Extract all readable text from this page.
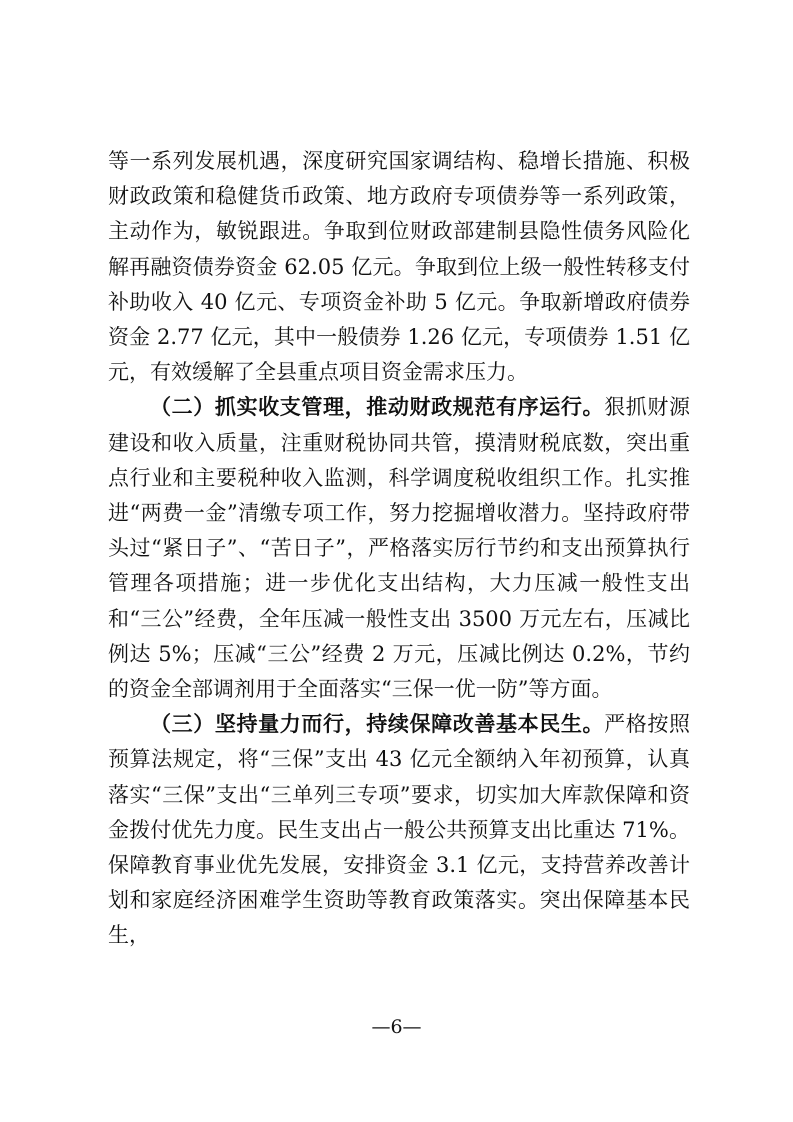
等一系列发展机遇，深度研究国家调结构、稳增长措施、积极财政政策和稳健货币政策、地方政府专项债券等一系列政策，主动作为，敏锐跟进。争取到位财政部建制县隐性债务风险化解再融资债券资金 62.05 亿元。争取到位上级一般性转移支付补助收入 40 亿元、专项资金补助 5 亿元。争取新增政府债券资金 2.77 亿元，其中一般债券 1.26 亿元，专项债券 1.51 亿元，有效缓解了全县重点项目资金需求压力。

（二）抓实收支管理，推动财政规范有序运行。狠抓财源建设和收入质量，注重财税协同共管，摸清财税底数，突出重点行业和主要税种收入监测，科学调度税收组织工作。扎实推进“两费一金”清缴专项工作，努力挖掘增收潜力。坚持政府带头过“紧日子”、“苦日子”，严格落实厉行节约和支出预算执行管理各项措施；进一步优化支出结构，大力压减一般性支出和“三公”经费，全年压减一般性支出 3500 万元左右，压减比例达 5%；压减“三公”经费 2 万元，压减比例达 0.2%，节约的资金全部调剂用于全面落实“三保一优一防”等方面。

（三）坚持量力而行，持续保障改善基本民生。严格按照预算法规定，将“三保”支出 43 亿元全额纳入年初预算，认真落实“三保”支出“三单列三专项”要求，切实加大库款保障和资金拨付优先力度。民生支出占一般公共预算支出比重达 71%。保障教育事业优先发展，安排资金 3.1 亿元，支持营养改善计划和家庭经济困难学生资助等教育政策落实。突出保障基本民生，

—6—
